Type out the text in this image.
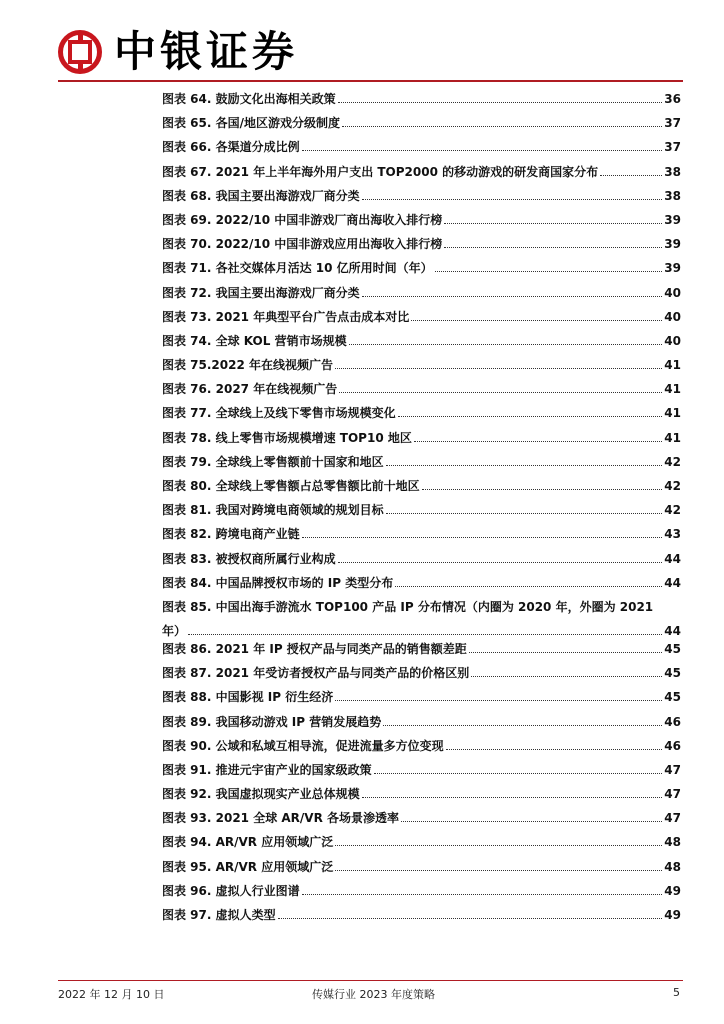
中银证券
图表 64. 鼓励文化出海相关政策	36
图表 65. 各国/地区游戏分级制度	37
图表 66. 各渠道分成比例	37
图表 67. 2021 年上半年海外用户支出 TOP2000 的移动游戏的研发商国家分布	38
图表 68. 我国主要出海游戏厂商分类	38
图表 69. 2022/10 中国非游戏厂商出海收入排行榜	39
图表 70. 2022/10 中国非游戏应用出海收入排行榜	39
图表 71. 各社交媒体月活达 10 亿所用时间（年）	39
图表 72. 我国主要出海游戏厂商分类	40
图表 73. 2021 年典型平台广告点击成本对比	40
图表 74. 全球 KOL 营销市场规模	40
图表 75.2022 年在线视频广告	41
图表 76. 2027 年在线视频广告	41
图表 77. 全球线上及线下零售市场规模变化	41
图表 78. 线上零售市场规模增速 TOP10 地区	41
图表 79. 全球线上零售额前十国家和地区	42
图表 80. 全球线上零售额占总零售额比前十地区	42
图表 81. 我国对跨境电商领域的规划目标	42
图表 82. 跨境电商产业链	43
图表 83. 被授权商所属行业构成	44
图表 84. 中国品牌授权市场的 IP 类型分布	44
图表 85. 中国出海手游流水 TOP100 产品 IP 分布情况（内圈为 2020 年，外圈为 2021
年）	44
图表 86. 2021 年 IP 授权产品与同类产品的销售额差距	45
图表 87. 2021 年受访者授权产品与同类产品的价格区别	45
图表 88. 中国影视 IP 衍生经济	45
图表 89. 我国移动游戏 IP 营销发展趋势	46
图表 90. 公域和私域互相导流，促进流量多方位变现	46
图表 91. 推进元宇宙产业的国家级政策	47
图表 92. 我国虚拟现实产业总体规模	47
图表 93. 2021 全球 AR/VR 各场景渗透率	47
图表 94. AR/VR 应用领域广泛	48
图表 95. AR/VR 应用领域广泛	48
图表 96. 虚拟人行业图谱	49
图表 97. 虚拟人类型	49
2022 年 12 月 10 日	传媒行业 2023 年度策略	5
